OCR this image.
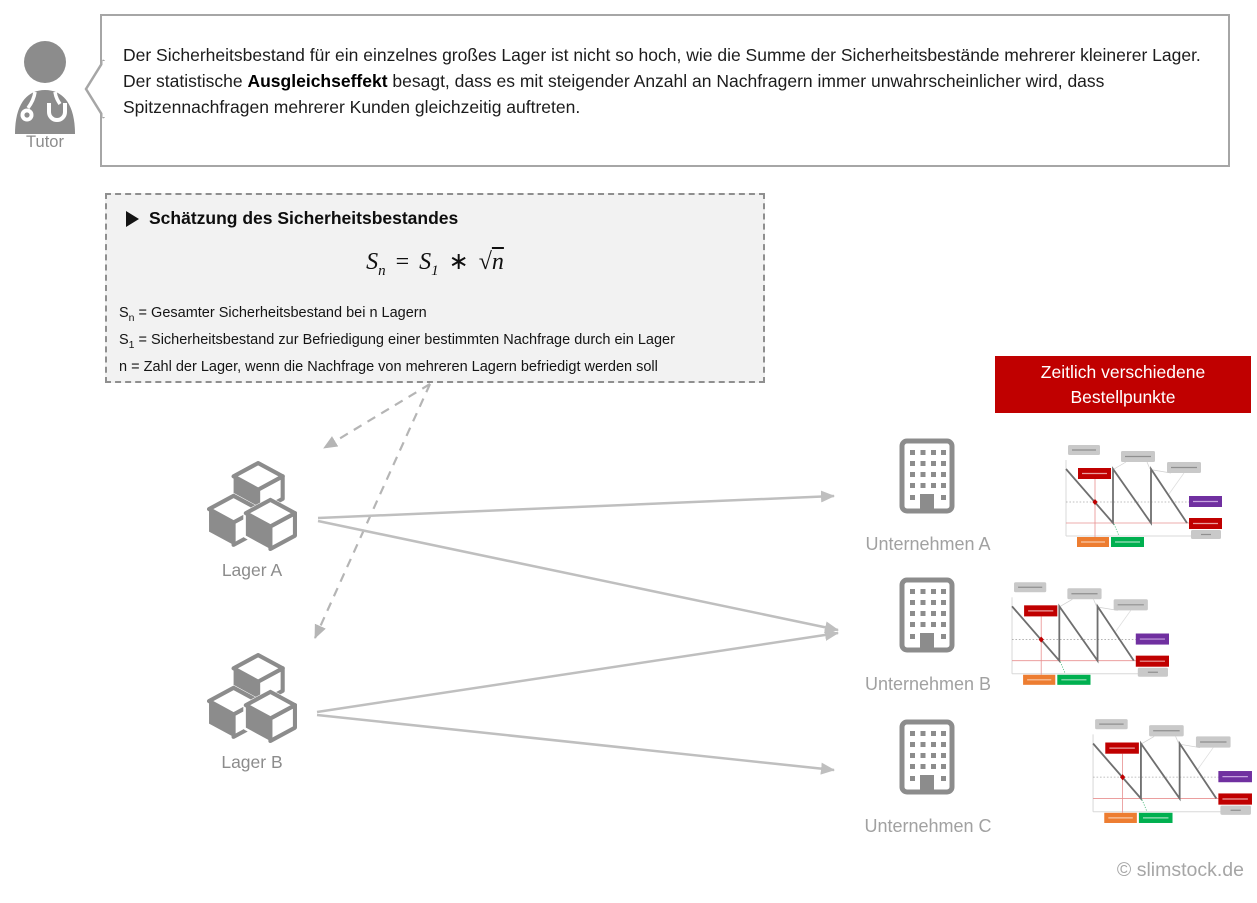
Tutor

Der Sicherheitsbestand für ein einzelnes großes Lager ist nicht so hoch, wie die Summe der Sicherheitsbestände mehrerer kleinerer Lager.

Der statistische Ausgleichseffekt besagt, dass es mit steigender Anzahl an Nachfragern immer unwahrscheinlicher wird, dass Spitzennachfragen mehrerer Kunden gleichzeitig auftreten.

Schätzung des Sicherheitsbestandes
$S_n = S_1$ ∗ √n
$S_n$ = Gesamter Sicherheitsbestand bei n Lagern
$S_1$ = Sicherheitsbestand zur Befriedigung einer bestimmten Nachfrage durch ein Lager
n = Zahl der Lager, wenn die Nachfrage von mehreren Lagern befriedigt werden soll	Zeitlich verschiedene
Bestellpunkte
Lager A
Lager B
Unternehmen A
Unternehmen B
Unternehmen C
© slimstock.de
